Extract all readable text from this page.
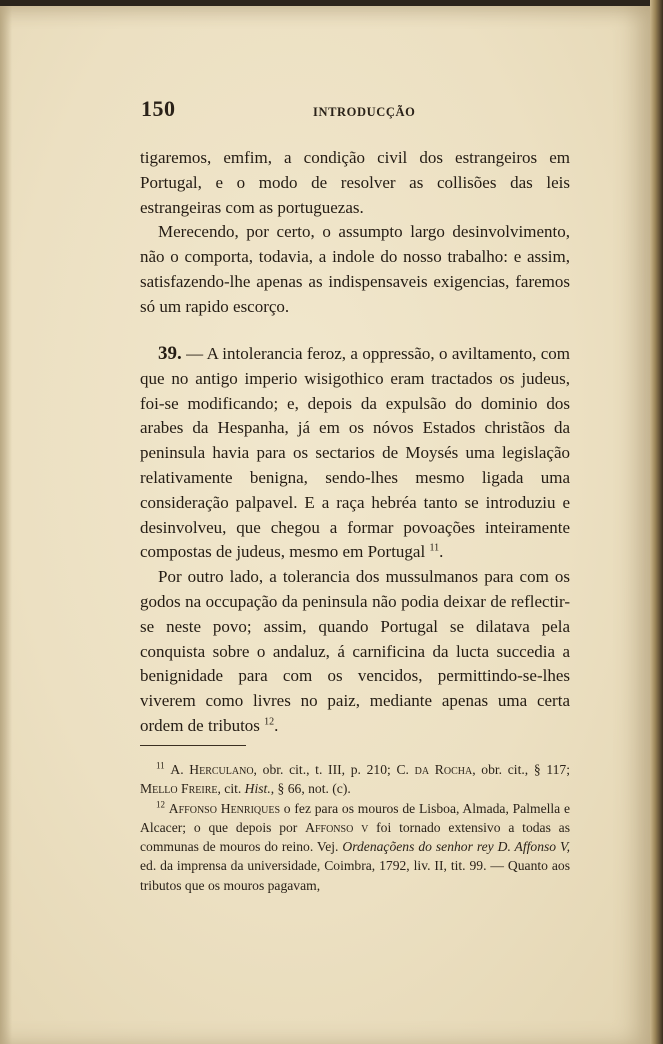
150	INTRODUCÇÃO

tigaremos, emfim, a condição civil dos estrangeiros em Portugal, e o modo de resolver as collisões das leis estrangeiras com as portuguezas.

Merecendo, por certo, o assumpto largo desinvolvimento, não o comporta, todavia, a indole do nosso trabalho: e assim, satisfazendo-lhe apenas as indispensaveis exigencias, faremos só um rapido escorço.

39. — A intolerancia feroz, a oppressão, o aviltamento, com que no antigo imperio wisigothico eram tractados os judeus, foi-se modificando; e, depois da expulsão do dominio dos arabes da Hespanha, já em os nóvos Estados christãos da peninsula havia para os sectarios de Moysés uma legislação relativamente benigna, sendo-lhes mesmo ligada uma consideração palpavel. E a raça hebréa tanto se introduziu e desinvolveu, que chegou a formar povoações inteiramente compostas de judeus, mesmo em Portugal $^{11}$.

Por outro lado, a tolerancia dos mussulmanos para com os godos na occupação da peninsula não podia deixar de reflectir-se neste povo; assim, quando Portugal se dilatava pela conquista sobre o andaluz, á carnificina da lucta succedia a benignidade para com os vencidos, permittindo-se-lhes viverem como livres no paiz, mediante apenas uma certa ordem de tributos $^{12}$.

$^{11}$ A. Herculano, obr. cit., t. III, p. 210; C. da Rocha, obr. cit., § 117; Mello Freire, cit. Hist., § 66, not. (c).

$^{12}$ Affonso Henriques o fez para os mouros de Lisboa, Almada, Palmella e Alcacer; o que depois por Affonso v foi tornado extensivo a todas as communas de mouros do reino. Vej. Ordenaçõens do senhor rey D. Affonso V, ed. da imprensa da universidade, Coimbra, 1792, liv. II, tit. 99. — Quanto aos tributos que os mouros pagavam,
